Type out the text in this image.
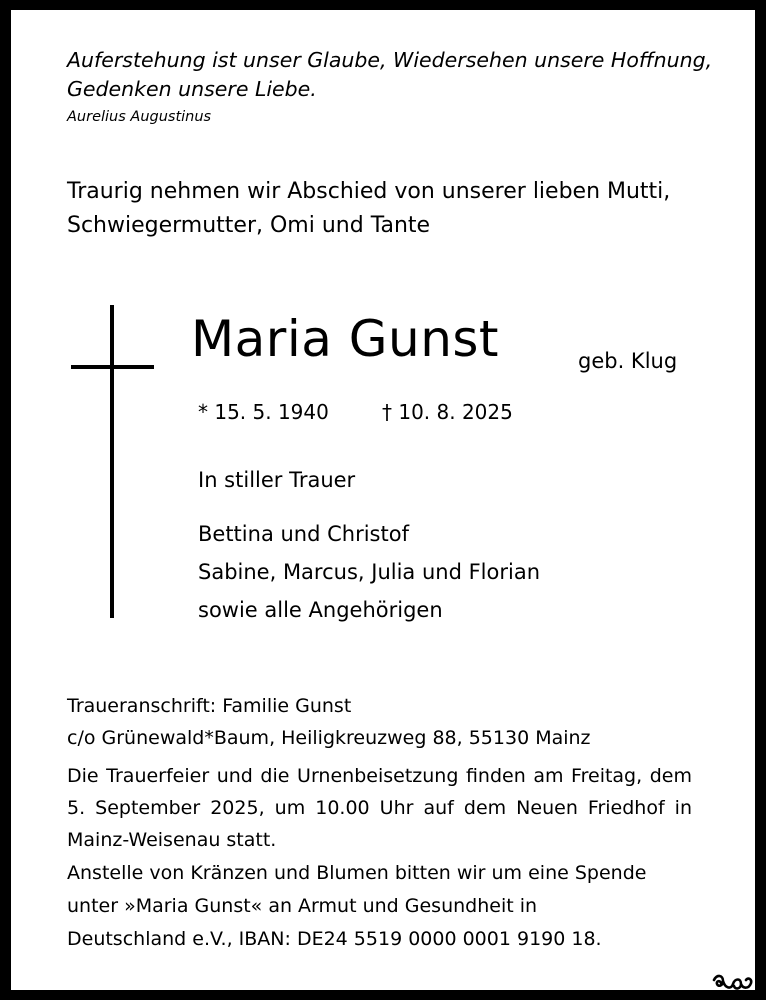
Auferstehung ist unser Glaube, Wiedersehen unsere Hoffnung,
Gedenken unsere Liebe.
Aurelius Augustinus
Traurig nehmen wir Abschied von unserer lieben Mutti,
Schwiegermutter, Omi und Tante
Maria Gunst	geb. Klug
* 15. 5. 1940	† 10. 8. 2025
In stiller Trauer
Bettina und Christof
Sabine, Marcus, Julia und Florian
sowie alle Angehörigen
Traueranschrift: Familie Gunst
c/o Grünewald*Baum, Heiligkreuzweg 88, 55130 Mainz
Die Trauerfeier und die Urnenbeisetzung finden am Freitag, dem 5. September 2025, um 10.00 Uhr auf dem Neuen Friedhof in Mainz-Weisenau statt.
Anstelle von Kränzen und Blumen bitten wir um eine Spende
unter »Maria Gunst« an Armut und Gesundheit in
Deutschland e.V., IBAN: DE24 5519 0000 0001 9190 18.
